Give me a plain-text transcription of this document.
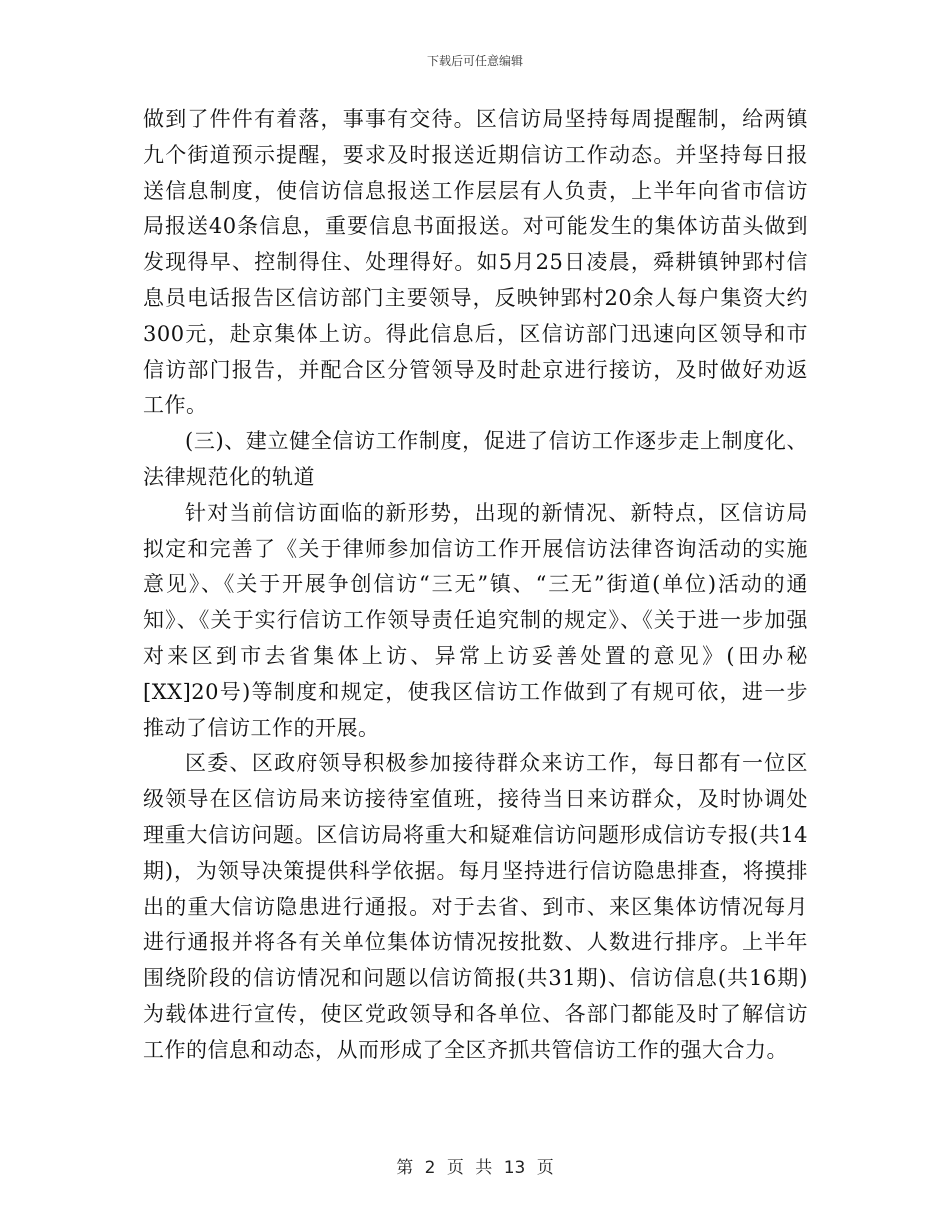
下载后可任意编辑

做到了件件有着落，事事有交待。区信访局坚持每周提醒制，给两镇九个街道预示提醒，要求及时报送近期信访工作动态。并坚持每日报送信息制度，使信访信息报送工作层层有人负责，上半年向省市信访局报送40条信息，重要信息书面报送。对可能发生的集体访苗头做到发现得早、控制得住、处理得好。如5月25日凌晨，舜耕镇钟郢村信息员电话报告区信访部门主要领导，反映钟郢村20余人每户集资大约300元，赴京集体上访。得此信息后，区信访部门迅速向区领导和市信访部门报告，并配合区分管领导及时赴京进行接访，及时做好劝返工作。

(三)、建立健全信访工作制度，促进了信访工作逐步走上制度化、法律规范化的轨道

针对当前信访面临的新形势，出现的新情况、新特点，区信访局拟定和完善了《关于律师参加信访工作开展信访法律咨询活动的实施意见》、《关于开展争创信访“三无”镇、“三无”街道(单位)活动的通知》、《关于实行信访工作领导责任追究制的规定》、《关于进一步加强对来区到市去省集体上访、异常上访妥善处置的意见》(田办秘[XX]20号)等制度和规定，使我区信访工作做到了有规可依，进一步推动了信访工作的开展。

区委、区政府领导积极参加接待群众来访工作，每日都有一位区级领导在区信访局来访接待室值班，接待当日来访群众，及时协调处理重大信访问题。区信访局将重大和疑难信访问题形成信访专报(共14期)，为领导决策提供科学依据。每月坚持进行信访隐患排查，将摸排出的重大信访隐患进行通报。对于去省、到市、来区集体访情况每月进行通报并将各有关单位集体访情况按批数、人数进行排序。上半年围绕阶段的信访情况和问题以信访简报(共31期)、信访信息(共16期)为载体进行宣传，使区党政领导和各单位、各部门都能及时了解信访工作的信息和动态，从而形成了全区齐抓共管信访工作的强大合力。

第 2 页 共 13 页
